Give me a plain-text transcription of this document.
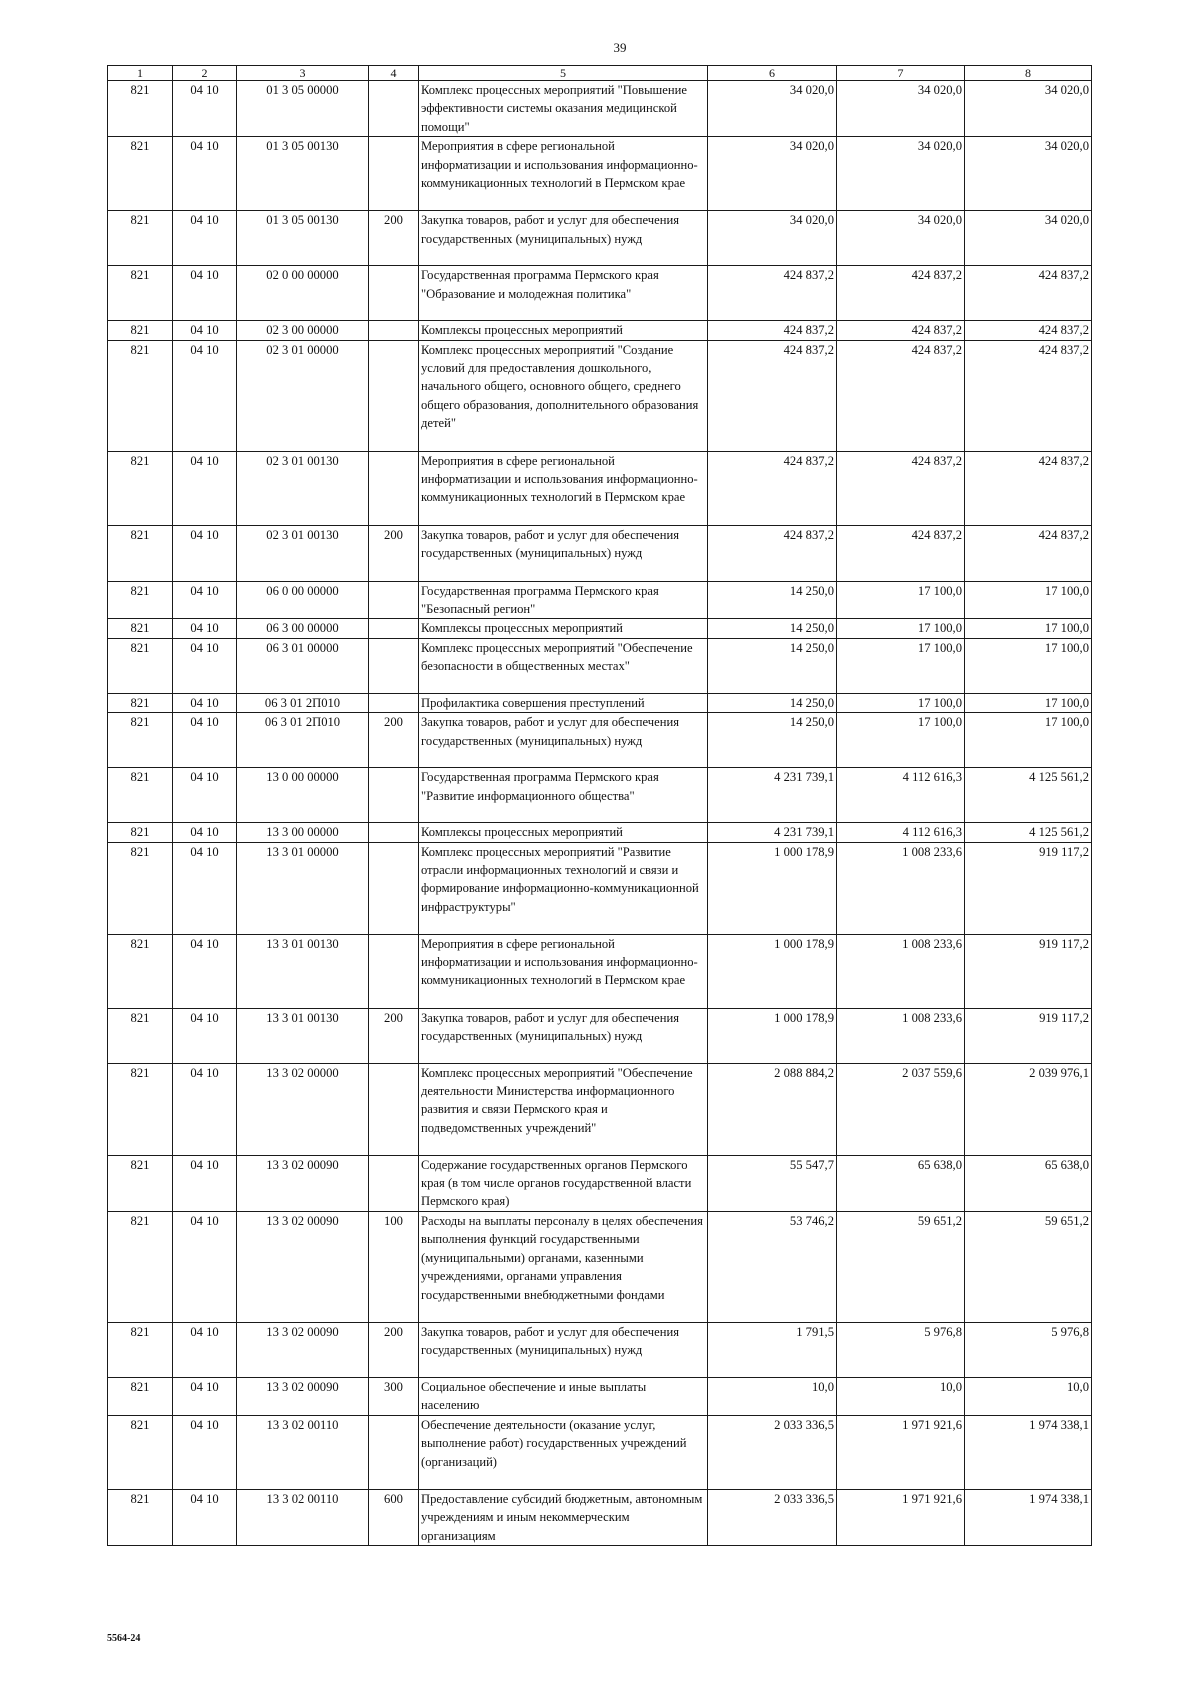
39
1	2	3	4	5	6	7	8
821	04 10	01 3 05 00000		Комплекс процессных мероприятий "Повышение эффективности системы оказания медицинской помощи"	34 020,0	34 020,0	34 020,0
821	04 10	01 3 05 00130		Мероприятия в сфере региональной информатизации и использования информационно-коммуникационных технологий в Пермском крае	34 020,0	34 020,0	34 020,0
821	04 10	01 3 05 00130	200	Закупка товаров, работ и услуг для обеспечения государственных (муниципальных) нужд	34 020,0	34 020,0	34 020,0
821	04 10	02 0 00 00000		Государственная программа Пермского края "Образование и молодежная политика"	424 837,2	424 837,2	424 837,2
821	04 10	02 3 00 00000		Комплексы процессных мероприятий	424 837,2	424 837,2	424 837,2
821	04 10	02 3 01 00000		Комплекс процессных мероприятий "Создание условий для предоставления дошкольного, начального общего, основного общего, среднего общего образования, дополнительного образования детей"	424 837,2	424 837,2	424 837,2
821	04 10	02 3 01 00130		Мероприятия в сфере региональной информатизации и использования информационно-коммуникационных технологий в Пермском крае	424 837,2	424 837,2	424 837,2
821	04 10	02 3 01 00130	200	Закупка товаров, работ и услуг для обеспечения государственных (муниципальных) нужд	424 837,2	424 837,2	424 837,2
821	04 10	06 0 00 00000		Государственная программа Пермского края "Безопасный регион"	14 250,0	17 100,0	17 100,0
821	04 10	06 3 00 00000		Комплексы процессных мероприятий	14 250,0	17 100,0	17 100,0
821	04 10	06 3 01 00000		Комплекс процессных мероприятий "Обеспечение безопасности в общественных местах"	14 250,0	17 100,0	17 100,0
821	04 10	06 3 01 2П010		Профилактика совершения преступлений	14 250,0	17 100,0	17 100,0
821	04 10	06 3 01 2П010	200	Закупка товаров, работ и услуг для обеспечения государственных (муниципальных) нужд	14 250,0	17 100,0	17 100,0
821	04 10	13 0 00 00000		Государственная программа Пермского края "Развитие информационного общества"	4 231 739,1	4 112 616,3	4 125 561,2
821	04 10	13 3 00 00000		Комплексы процессных мероприятий	4 231 739,1	4 112 616,3	4 125 561,2
821	04 10	13 3 01 00000		Комплекс процессных мероприятий "Развитие отрасли информационных технологий и связи и формирование информационно-коммуникационной инфраструктуры"	1 000 178,9	1 008 233,6	919 117,2
821	04 10	13 3 01 00130		Мероприятия в сфере региональной информатизации и использования информационно-коммуникационных технологий в Пермском крае	1 000 178,9	1 008 233,6	919 117,2
821	04 10	13 3 01 00130	200	Закупка товаров, работ и услуг для обеспечения государственных (муниципальных) нужд	1 000 178,9	1 008 233,6	919 117,2
821	04 10	13 3 02 00000		Комплекс процессных мероприятий "Обеспечение деятельности Министерства информационного развития и связи Пермского края и подведомственных учреждений"	2 088 884,2	2 037 559,6	2 039 976,1
821	04 10	13 3 02 00090		Содержание государственных органов Пермского края (в том числе органов государственной власти Пермского края)	55 547,7	65 638,0	65 638,0
821	04 10	13 3 02 00090	100	Расходы на выплаты персоналу в целях обеспечения выполнения функций государственными (муниципальными) органами, казенными учреждениями, органами управления государственными внебюджетными фондами	53 746,2	59 651,2	59 651,2
821	04 10	13 3 02 00090	200	Закупка товаров, работ и услуг для обеспечения государственных (муниципальных) нужд	1 791,5	5 976,8	5 976,8
821	04 10	13 3 02 00090	300	Социальное обеспечение и иные выплаты населению	10,0	10,0	10,0
821	04 10	13 3 02 00110		Обеспечение деятельности (оказание услуг, выполнение работ) государственных учреждений (организаций)	2 033 336,5	1 971 921,6	1 974 338,1
821	04 10	13 3 02 00110	600	Предоставление субсидий бюджетным, автономным учреждениям и иным некоммерческим организациям	2 033 336,5	1 971 921,6	1 974 338,1
5564-24
